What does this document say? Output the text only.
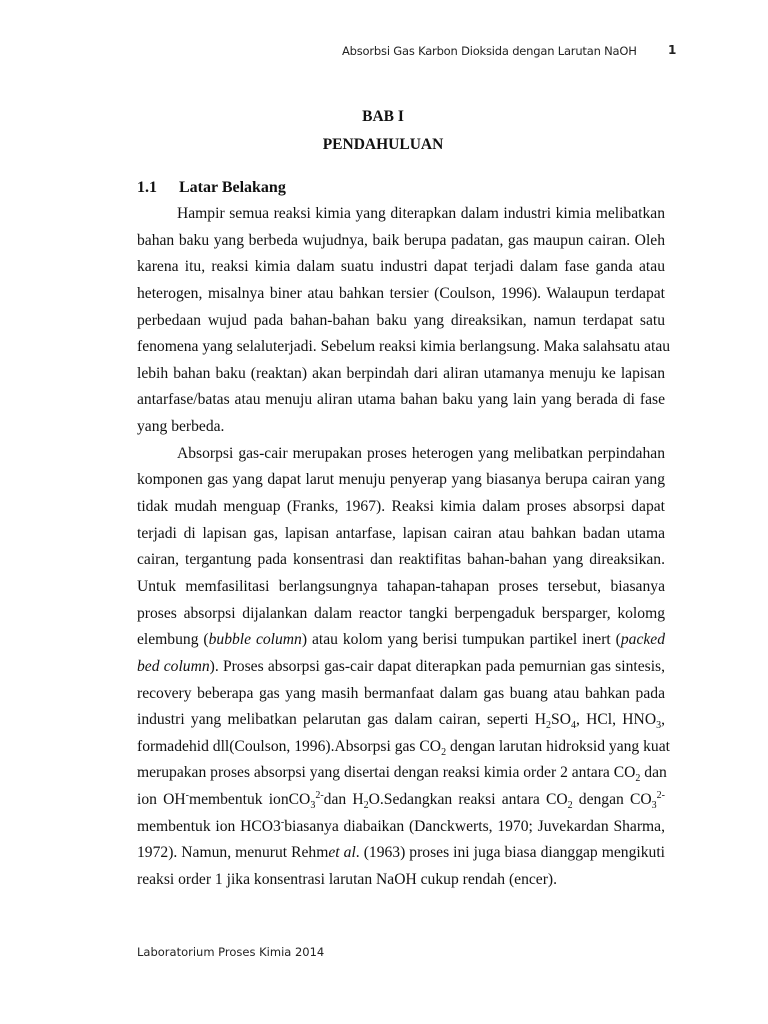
Absorbsi Gas Karbon Dioksida dengan Larutan NaOH	1
BAB I
PENDAHULUAN
1.1 Latar Belakang
Hampir semua reaksi kimia yang diterapkan dalam industri kimia melibatkan
bahan baku yang berbeda wujudnya, baik berupa padatan, gas maupun cairan. Oleh
karena itu, reaksi kimia dalam suatu industri dapat terjadi dalam fase ganda atau
heterogen, misalnya biner atau bahkan tersier (Coulson, 1996). Walaupun terdapat
perbedaan wujud pada bahan-bahan baku yang direaksikan, namun terdapat satu
fenomena yang selaluterjadi. Sebelum reaksi kimia berlangsung. Maka salahsatu atau
lebih bahan baku (reaktan) akan berpindah dari aliran utamanya menuju ke lapisan
antarfase/batas atau menuju aliran utama bahan baku yang lain yang berada di fase
yang berbeda.
Absorpsi gas-cair merupakan proses heterogen yang melibatkan perpindahan
komponen gas yang dapat larut menuju penyerap yang biasanya berupa cairan yang
tidak mudah menguap (Franks, 1967). Reaksi kimia dalam proses absorpsi dapat
terjadi di lapisan gas, lapisan antarfase, lapisan cairan atau bahkan badan utama
cairan, tergantung pada konsentrasi dan reaktifitas bahan-bahan yang direaksikan.
Untuk memfasilitasi berlangsungnya tahapan-tahapan proses tersebut, biasanya
proses absorpsi dijalankan dalam reactor tangki berpengaduk bersparger, kolomg
elembung (bubble column) atau kolom yang berisi tumpukan partikel inert (packed
bed column). Proses absorpsi gas-cair dapat diterapkan pada pemurnian gas sintesis,
recovery beberapa gas yang masih bermanfaat dalam gas buang atau bahkan pada
industri yang melibatkan pelarutan gas dalam cairan, seperti $H_2SO_4$, HCl, $HNO_3$,
formadehid dll(Coulson, 1996).Absorpsi gas $CO_2$ dengan larutan hidroksid yang kuat
merupakan proses absorpsi yang disertai dengan reaksi kimia order 2 antara $CO_2$ dan
ion OH-membentuk ionCO$_3^{2-}$dan $H_2O.Sedangkan$ reaksi antara $CO_2$ dengan $CO_3^{2-}$
membentuk ion HCO3-biasanya diabaikan (Danckwerts, 1970; Juvekardan Sharma,
1972). Namun, menurut Rehmet al. (1963) proses ini juga biasa dianggap mengikuti
reaksi order 1 jika konsentrasi larutan NaOH cukup rendah (encer).
Laboratorium Proses Kimia 2014
